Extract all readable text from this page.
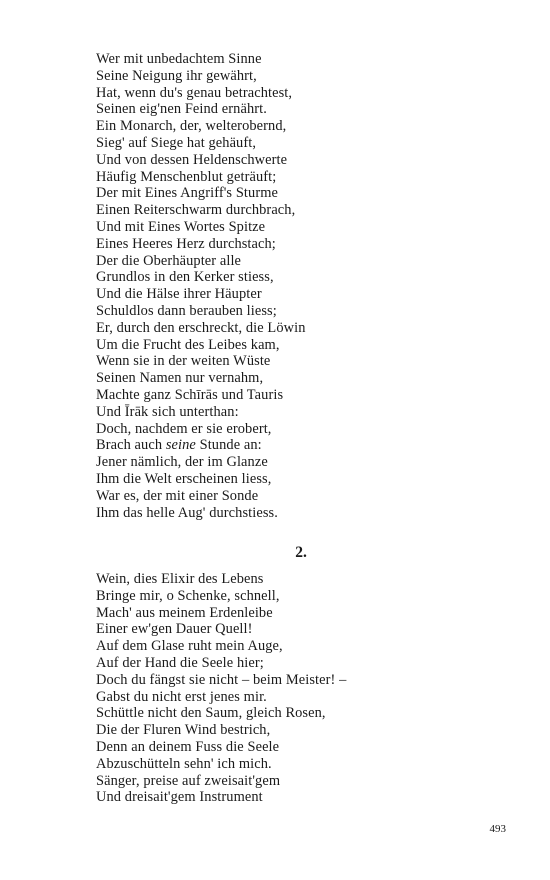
Wer mit unbedachtem Sinne
Seine Neigung ihr gewährt,
Hat, wenn du's genau betrachtest,
Seinen eig'nen Feind ernährt.
Ein Monarch, der, welterobernd,
Sieg' auf Siege hat gehäuft,
Und von dessen Heldenschwerte
Häufig Menschenblut geträuft;
Der mit Eines Angriff's Sturme
Einen Reiterschwarm durchbrach,
Und mit Eines Wortes Spitze
Eines Heeres Herz durchstach;
Der die Oberhäupter alle
Grundlos in den Kerker stiess,
Und die Hälse ihrer Häupter
Schuldlos dann berauben liess;
Er, durch den erschreckt, die Löwin
Um die Frucht des Leibes kam,
Wenn sie in der weiten Wüste
Seinen Namen nur vernahm,
Machte ganz Schīrās und Tauris
Und Īrāk sich unterthan:
Doch, nachdem er sie erobert,
Brach auch seine Stunde an:
Jener nämlich, der im Glanze
Ihm die Welt erscheinen liess,
War es, der mit einer Sonde
Ihm das helle Aug' durchstiess.
2.
Wein, dies Elixir des Lebens
Bringe mir, o Schenke, schnell,
Mach' aus meinem Erdenleibe
Einer ew'gen Dauer Quell!
Auf dem Glase ruht mein Auge,
Auf der Hand die Seele hier;
Doch du fängst sie nicht – beim Meister! –
Gabst du nicht erst jenes mir.
Schüttle nicht den Saum, gleich Rosen,
Die der Fluren Wind bestrich,
Denn an deinem Fuss die Seele
Abzuschütteln sehn' ich mich.
Sänger, preise auf zweisait'gem
Und dreisait'gem Instrument
493
